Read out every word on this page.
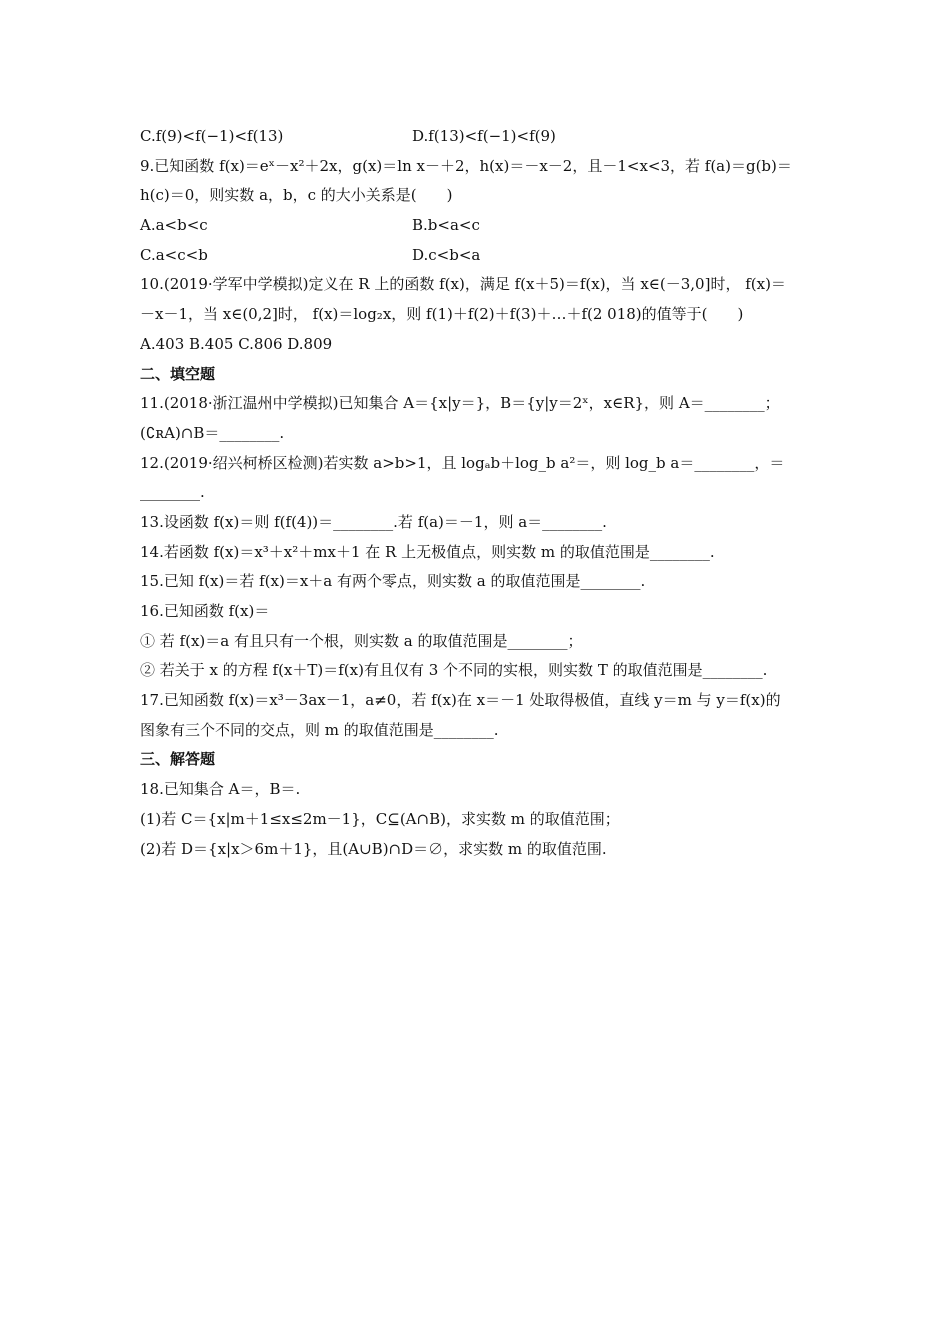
C.f(9)<f(−1)<f(13)	D.f(13)<f(−1)<f(9)
9.已知函数 f(x)＝eˣ－x²＋2x，g(x)＝ln x－＋2，h(x)＝－x－2，且－1<x<3，若 f(a)＝g(b)＝
h(c)＝0，则实数 a，b，c 的大小关系是(　　)
A.a<b<c	B.b<a<c
C.a<c<b	D.c<b<a
10.(2019·学军中学模拟)定义在 R 上的函数 f(x)，满足 f(x＋5)＝f(x)，当 x∈(－3,0]时， f(x)＝
－x－1，当 x∈(0,2]时， f(x)＝log₂x，则 f(1)＋f(2)＋f(3)＋…＋f(2 018)的值等于(　　)
A.403 B.405 C.806 D.809
二、填空题
11.(2018·浙江温州中学模拟)已知集合 A＝{x|y＝}，B＝{y|y＝2ˣ，x∈R}，则 A＝________；
(∁ʀA)∩B＝________.
12.(2019·绍兴柯桥区检测)若实数 a>b>1，且 logₐb＋log_b a²＝，则 log_b a＝________，＝
________.
13.设函数 f(x)＝则 f(f(4))＝________.若 f(a)＝－1，则 a＝________.
14.若函数 f(x)＝x³＋x²＋mx＋1 在 R 上无极值点，则实数 m 的取值范围是________.
15.已知 f(x)＝若 f(x)＝x＋a 有两个零点，则实数 a 的取值范围是________.
16.已知函数 f(x)＝
① 若 f(x)＝a 有且只有一个根，则实数 a 的取值范围是________；
② 若关于 x 的方程 f(x＋T)＝f(x)有且仅有 3 个不同的实根，则实数 T 的取值范围是________.
17.已知函数 f(x)＝x³－3ax－1，a≠0，若 f(x)在 x＝－1 处取得极值，直线 y＝m 与 y＝f(x)的
图象有三个不同的交点，则 m 的取值范围是________.
三、解答题
18.已知集合 A＝，B＝.
(1)若 C＝{x|m＋1≤x≤2m－1}，C⊆(A∩B)，求实数 m 的取值范围；
(2)若 D＝{x|x＞6m＋1}，且(A∪B)∩D＝∅，求实数 m 的取值范围.
